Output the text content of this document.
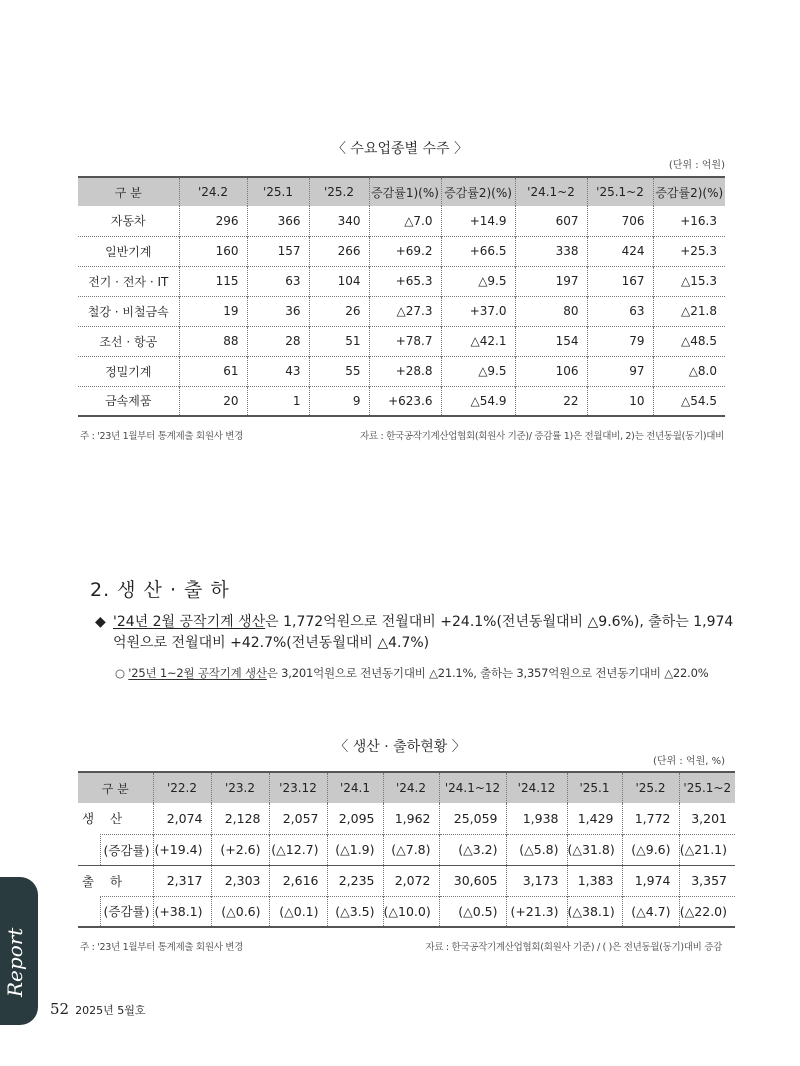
〈 수요업종별 수주 〉
(단위 : 억원)
구 분	'24.2	'25.1	'25.2	증감률1)(%)	증감률2)(%)	'24.1~2	'25.1~2	증감률2)(%)
자동차	296	366	340	△7.0	+14.9	607	706	+16.3
일반기계	160	157	266	+69.2	+66.5	338	424	+25.3
전기 · 전자 · IT	115	63	104	+65.3	△9.5	197	167	△15.3
철강 · 비철금속	19	36	26	△27.3	+37.0	80	63	△21.8
조선 · 항공	88	28	51	+78.7	△42.1	154	79	△48.5
정밀기계	61	43	55	+28.8	△9.5	106	97	△8.0
금속제품	20	1	9	+623.6	△54.9	22	10	△54.5
주 : '23년 1월부터 통계제출 회원사 변경	자료 : 한국공작기계산업협회(회원사 기준)/ 증감률 1)은 전월대비, 2)는 전년동월(동기)대비
2. 생 산 · 출 하
◆ '24년 2월 공작기계 생산은 1,772억원으로 전월대비 +24.1%(전년동월대비 △9.6%), 출하는 1,974억원으로 전월대비 +42.7%(전년동월대비 △4.7%)
○ '25년 1~2월 공작기계 생산은 3,201억원으로 전년동기대비 △21.1%, 출하는 3,357억원으로 전년동기대비 △22.0%
〈 생산 · 출하현황 〉
(단위 : 억원, %)
구 분		'22.2	'23.2	'23.12	'24.1	'24.2	'24.1~12	'24.12	'25.1	'25.2	'25.1~2
생 산		2,074	2,128	2,057	2,095	1,962	25,059	1,938	1,429	1,772	3,201
	(증감률)	(+19.4)	(+2.6)	(△12.7)	(△1.9)	(△7.8)	(△3.2)	(△5.8)	(△31.8)	(△9.6)	(△21.1)
출 하		2,317	2,303	2,616	2,235	2,072	30,605	3,173	1,383	1,974	3,357
	(증감률)	(+38.1)	(△0.6)	(△0.1)	(△3.5)	(△10.0)	(△0.5)	(+21.3)	(△38.1)	(△4.7)	(△22.0)
주 : '23년 1월부터 통계제출 회원사 변경	자료 : 한국공작기계산업협회(회원사 기준) / ( )은 전년동월(동기)대비 증감
Report
52 2025년 5월호
